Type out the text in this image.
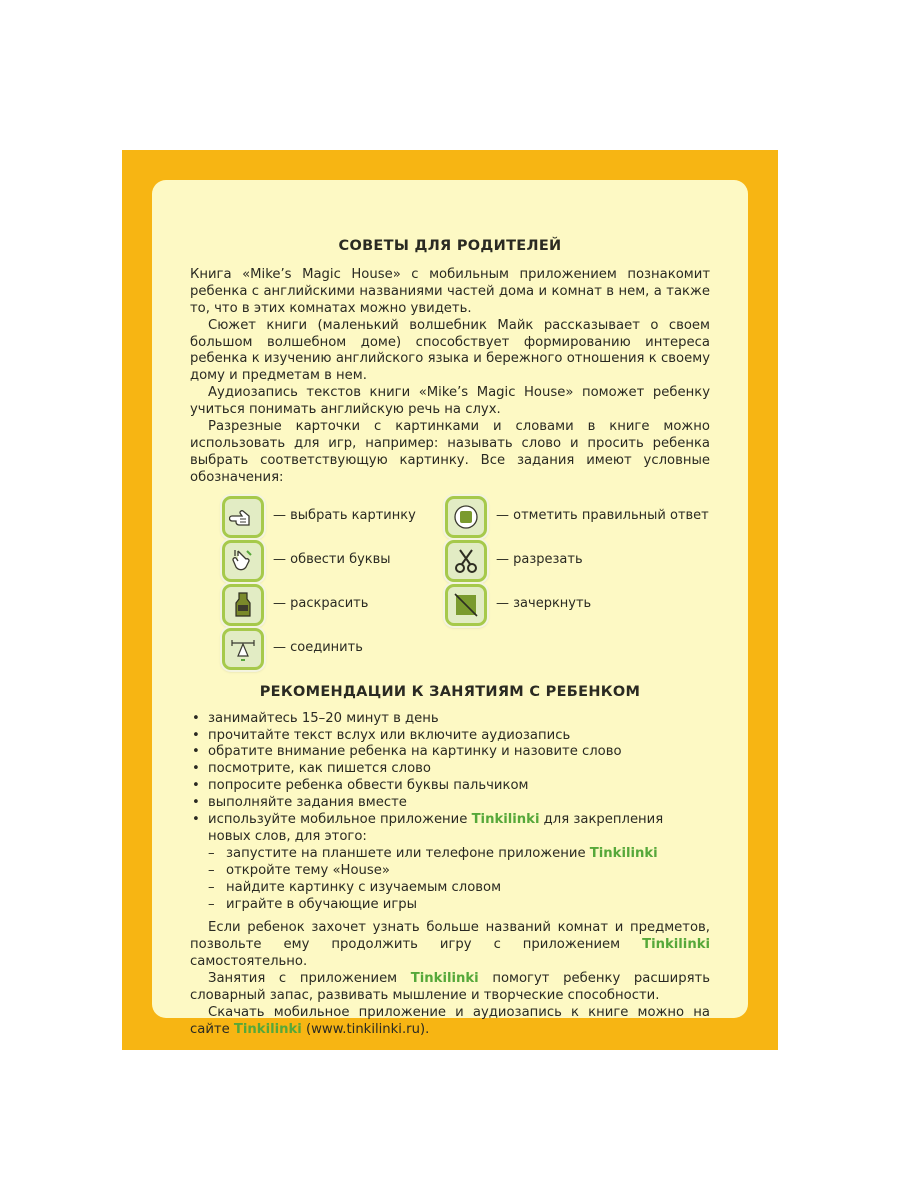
СОВЕТЫ ДЛЯ РОДИТЕЛЕЙ

Книга «Mike’s Magic House» с мобильным приложением познакомит ребенка с английскими названиями частей дома и комнат в нем, а также то, что в этих комнатах можно увидеть.

Сюжет книги (маленький волшебник Майк рассказывает о своем большом волшебном доме) способствует формированию интереса ребенка к изучению английского языка и бережного отношения к своему дому и предметам в нем.

Аудиозапись текстов книги «Mike’s Magic House» поможет ребенку учиться понимать английскую речь на слух.

Разрезные карточки с картинками и словами в книге можно использовать для игр, например: называть слово и просить ребенка выбрать соответствующую картинку. Все задания имеют условные обозначения:

— выбрать картинку
— обвести буквы
— раскрасить
— соединить
— отметить правильный ответ
— разрезать
— зачеркнуть
РЕКОМЕНДАЦИИ К ЗАНЯТИЯМ С РЕБЕНКОМ
• занимайтесь 15–20 минут в день
• прочитайте текст вслух или включите аудиозапись
• обратите внимание ребенка на картинку и назовите слово
• посмотрите, как пишется слово
• попросите ребенка обвести буквы пальчиком
• выполняйте задания вместе
• используйте мобильное приложение Tinkilinki для закрепления новых слов, для этого:
– запустите на планшете или телефоне приложение Tinkilinki
– откройте тему «House»
– найдите картинку с изучаемым словом
– играйте в обучающие игры

Если ребенок захочет узнать больше названий комнат и предметов, позвольте ему продолжить игру с приложением Tinkilinki самостоятельно.

Занятия с приложением Tinkilinki помогут ребенку расширять словарный запас, развивать мышление и творческие способности.

Скачать мобильное приложение и аудиозапись к книге можно на сайте Tinkilinki (www.tinkilinki.ru).
